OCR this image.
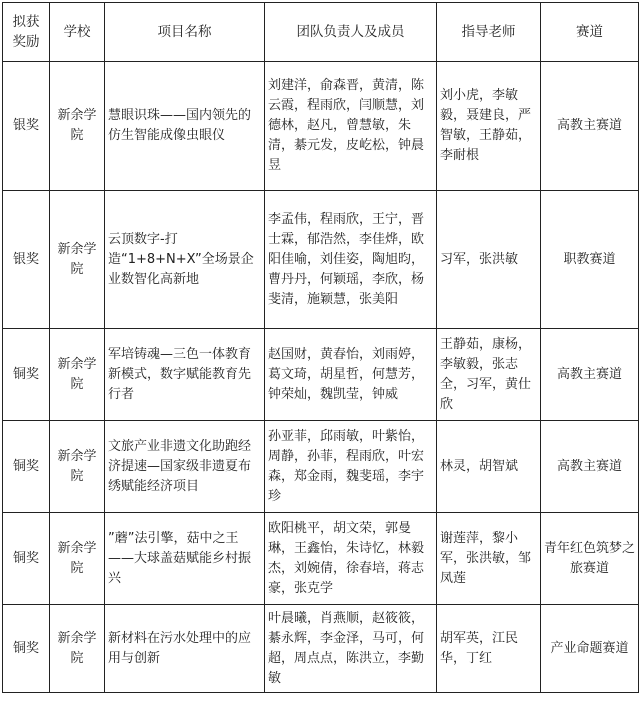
拟获奖励	学校	项目名称	团队负责人及成员	指导老师	赛道
银奖	新余学院	慧眼识珠——国内领先的仿生智能成像虫眼仪	刘建洋，俞森晋，黄清，陈云霞，程雨欣，闫顺慧，刘德林，赵凡，曾慧敏，朱清，綦元发，皮屹松，钟晨昱	刘小虎，李敏毅，聂建良，严智敏，王静茹，李耐根	高教主赛道
银奖	新余学院	云顶数字-打造“1+8+N+X”全场景企业数智化高新地	李孟伟，程雨欣，王宁，晋士霖，郁浩然，李佳烨，欧阳佳喻，刘佳姿，陶旭昀，曹丹丹，何颖瑶，李欣，杨斐清，施颖慧，张美阳	习军，张洪敏	职教赛道
铜奖	新余学院	军培铸魂—三色一体教育新模式，数字赋能教育先行者	赵国财，黄春怡，刘雨婷，葛文琦，胡星哲，何慧芳，钟荣灿，魏凯莹，钟威	王静茹，康杨，李敏毅，张志全，习军，黄仕欣	高教主赛道
铜奖	新余学院	文旅产业非遗文化助跑经济提速—国家级非遗夏布绣赋能经济项目	孙亚菲，邱雨敏，叶紫怡，周静，孙菲，程雨欣，叶宏森，郑金雨，魏斐瑶，李宇珍	林灵，胡智斌	高教主赛道
铜奖	新余学院	”蘑”法引擎，菇中之王——大球盖菇赋能乡村振兴	欧阳桃平，胡文荣，郭曼琳，王鑫怡，朱诗忆，林毅杰，刘婉倩，徐春培，蒋志豪，张克学	谢莲萍，黎小军，张洪敏，邹凤莲	青年红色筑梦之旅赛道
铜奖	新余学院	新材料在污水处理中的应用与创新	叶晨曦，肖燕顺，赵筱筱，綦永辉，李金泽，马可，何超，周点点，陈洪立，李勤敏	胡军英，江民华，丁红	产业命题赛道
